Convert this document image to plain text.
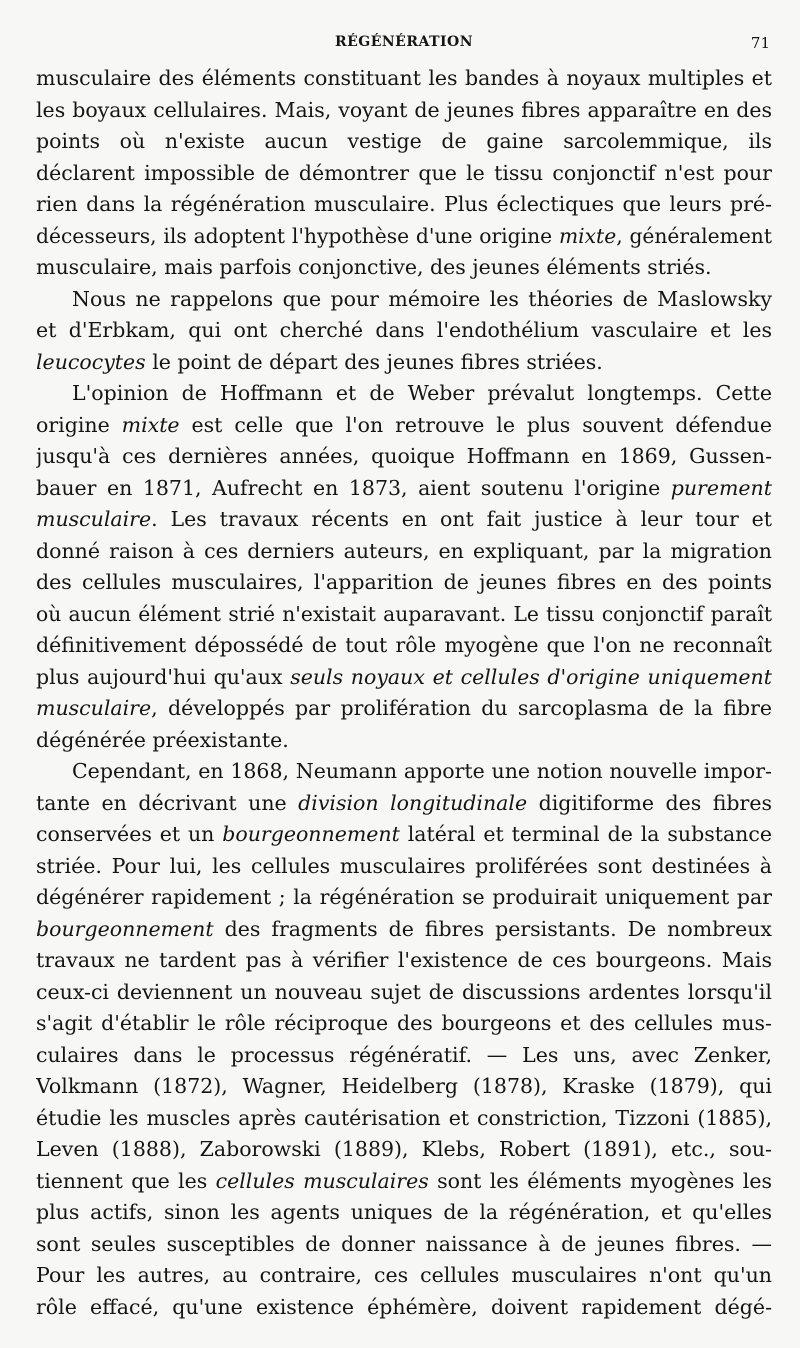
RÉGÉNÉRATION	71
musculaire des éléments constituant les bandes à noyaux multiples et
les boyaux cellulaires. Mais, voyant de jeunes fibres apparaître en des
points où n'existe aucun vestige de gaine sarcolemmique, ils
déclarent impossible de démontrer que le tissu conjonctif n'est pour
rien dans la régénération musculaire. Plus éclectiques que leurs pré-
décesseurs, ils adoptent l'hypothèse d'une origine mixte, généralement
musculaire, mais parfois conjonctive, des jeunes éléments striés.
Nous ne rappelons que pour mémoire les théories de Maslowsky
et d'Erbkam, qui ont cherché dans l'endothélium vasculaire et les
leucocytes le point de départ des jeunes fibres striées.
L'opinion de Hoffmann et de Weber prévalut longtemps. Cette
origine mixte est celle que l'on retrouve le plus souvent défendue
jusqu'à ces dernières années, quoique Hoffmann en 1869, Gussen-
bauer en 1871, Aufrecht en 1873, aient soutenu l'origine purement
musculaire. Les travaux récents en ont fait justice à leur tour et
donné raison à ces derniers auteurs, en expliquant, par la migration
des cellules musculaires, l'apparition de jeunes fibres en des points
où aucun élément strié n'existait auparavant. Le tissu conjonctif paraît
définitivement dépossédé de tout rôle myogène que l'on ne reconnaît
plus aujourd'hui qu'aux seuls noyaux et cellules d'origine uniquement
musculaire, développés par prolifération du sarcoplasma de la fibre
dégénérée préexistante.
Cependant, en 1868, Neumann apporte une notion nouvelle impor-
tante en décrivant une division longitudinale digitiforme des fibres
conservées et un bourgeonnement latéral et terminal de la substance
striée. Pour lui, les cellules musculaires proliférées sont destinées à
dégénérer rapidement ; la régénération se produirait uniquement par
bourgeonnement des fragments de fibres persistants. De nombreux
travaux ne tardent pas à vérifier l'existence de ces bourgeons. Mais
ceux-ci deviennent un nouveau sujet de discussions ardentes lorsqu'il
s'agit d'établir le rôle réciproque des bourgeons et des cellules mus-
culaires dans le processus régénératif. — Les uns, avec Zenker,
Volkmann (1872), Wagner, Heidelberg (1878), Kraske (1879), qui
étudie les muscles après cautérisation et constriction, Tizzoni (1885),
Leven (1888), Zaborowski (1889), Klebs, Robert (1891), etc., sou-
tiennent que les cellules musculaires sont les éléments myogènes les
plus actifs, sinon les agents uniques de la régénération, et qu'elles
sont seules susceptibles de donner naissance à de jeunes fibres. —
Pour les autres, au contraire, ces cellules musculaires n'ont qu'un
rôle effacé, qu'une existence éphémère, doivent rapidement dégé-
